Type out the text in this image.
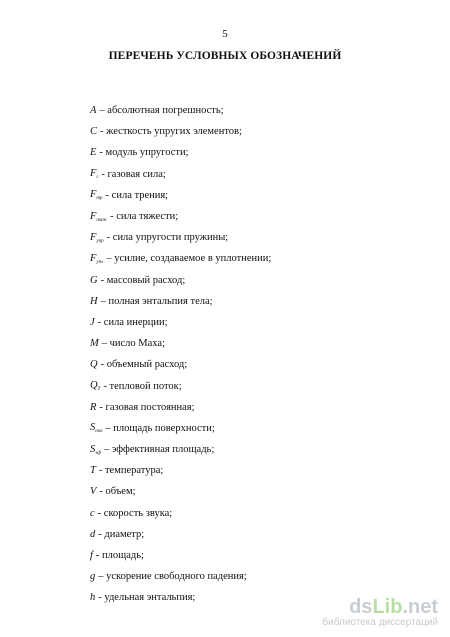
5
ПЕРЕЧЕНЬ УСЛОВНЫХ ОБОЗНАЧЕНИЙ
A – абсолютная погрешность;
C - жесткость упругих элементов;
E - модуль упругости;
$F_г$ - газовая сила;
$F_{тр}$ - сила трения;
$F_{тяж}$ - сила тяжести;
$F_{упр}$ - сила упругости пружины;
$F_{упл}$ – усилие, создаваемое в уплотнении;
G - массовый расход;
H – полная энтальпия тела;
J - сила инерции;
M – число Маха;
Q - объемный расход;
$Q_T$ - тепловой поток;
R - газовая постоянная;
$S_{пов}$ – площадь поверхности;
$S_{эф}$ – эффективная площадь;
T - температура;
V - объем;
c - скорость звука;
d - диаметр;
f - площадь;
g – ускорение свободного падения;
h - удельная энтальпия;	dsLib.net
библиотека диссертаций
